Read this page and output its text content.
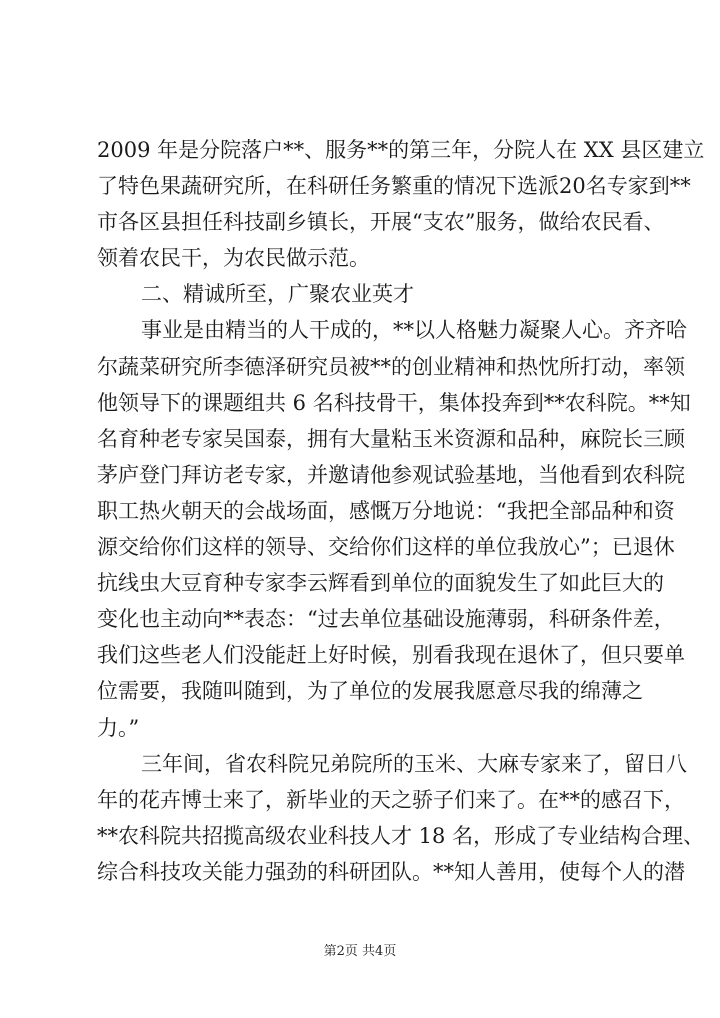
2009 年是分院落户**、服务**的第三年，分院人在 XX 县区建立
了特色果蔬研究所，在科研任务繁重的情况下选派20名专家到**
市各区县担任科技副乡镇长，开展“支农”服务，做给农民看、
领着农民干，为农民做示范。
二、精诚所至，广聚农业英才
事业是由精当的人干成的，**以人格魅力凝聚人心。齐齐哈
尔蔬菜研究所李德泽研究员被**的创业精神和热忱所打动，率领
他领导下的课题组共 6 名科技骨干，集体投奔到**农科院。**知
名育种老专家吴国泰，拥有大量粘玉米资源和品种，麻院长三顾
茅庐登门拜访老专家，并邀请他参观试验基地，当他看到农科院
职工热火朝天的会战场面，感慨万分地说：“我把全部品种和资
源交给你们这样的领导、交给你们这样的单位我放心”；已退休
抗线虫大豆育种专家李云辉看到单位的面貌发生了如此巨大的
变化也主动向**表态：“过去单位基础设施薄弱，科研条件差，
我们这些老人们没能赶上好时候，别看我现在退休了，但只要单
位需要，我随叫随到，为了单位的发展我愿意尽我的绵薄之
力。”
三年间，省农科院兄弟院所的玉米、大麻专家来了，留日八
年的花卉博士来了，新毕业的天之骄子们来了。在**的感召下，
**农科院共招揽高级农业科技人才 18 名，形成了专业结构合理、
综合科技攻关能力强劲的科研团队。**知人善用，使每个人的潜
第2页 共4页
